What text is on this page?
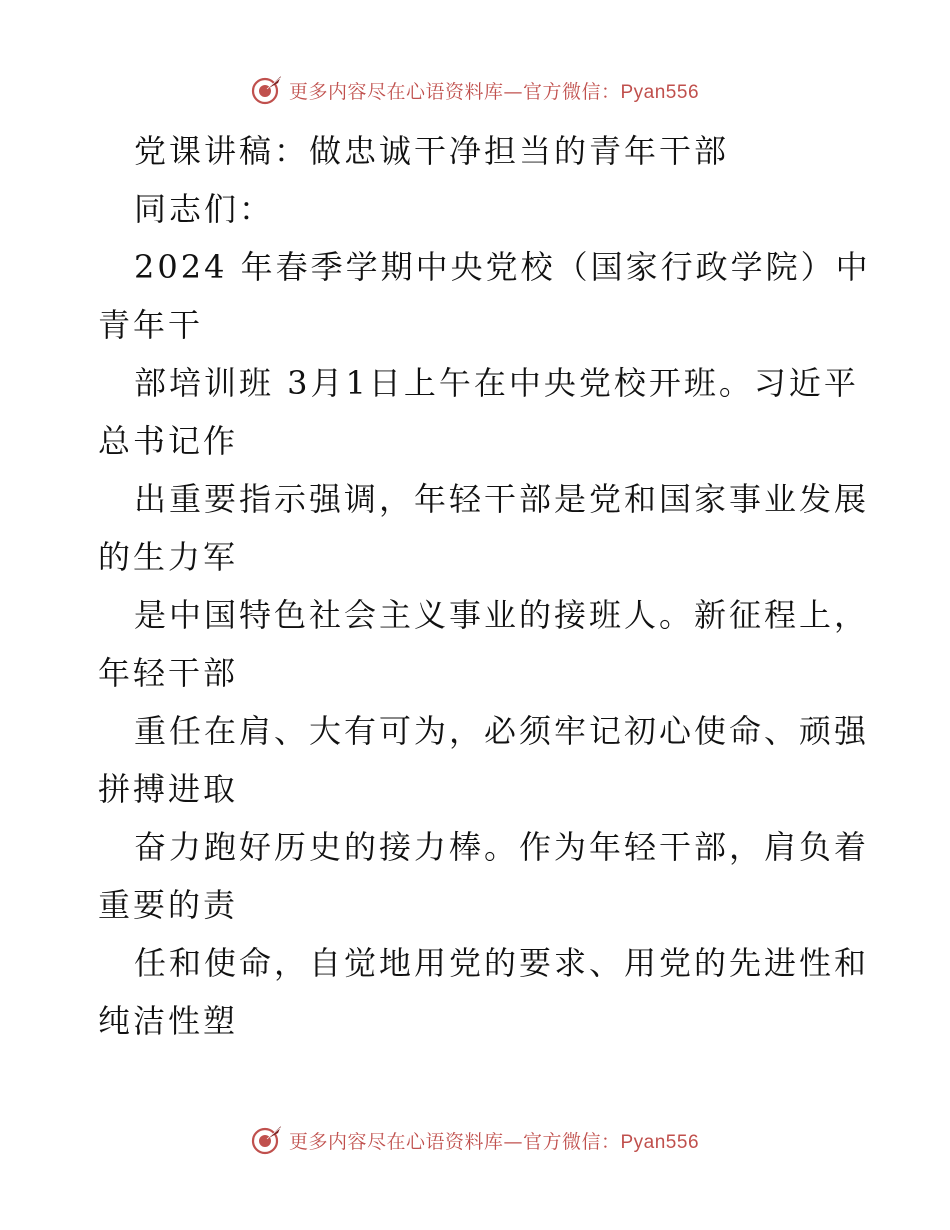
更多内容尽在心语资料库—官方微信：Pyan556
党课讲稿：做忠诚干净担当的青年干部
同志们：
2024 年春季学期中央党校（国家行政学院）中
青年干
部培训班 3月1日上午在中央党校开班。习近平
总书记作
出重要指示强调，年轻干部是党和国家事业发展
的生力军
是中国特色社会主义事业的接班人。新征程上，
年轻干部
重任在肩、大有可为，必须牢记初心使命、顽强
拼搏进取
奋力跑好历史的接力棒。作为年轻干部，肩负着
重要的责
任和使命，自觉地用党的要求、用党的先进性和
纯洁性塑
更多内容尽在心语资料库—官方微信：Pyan556
